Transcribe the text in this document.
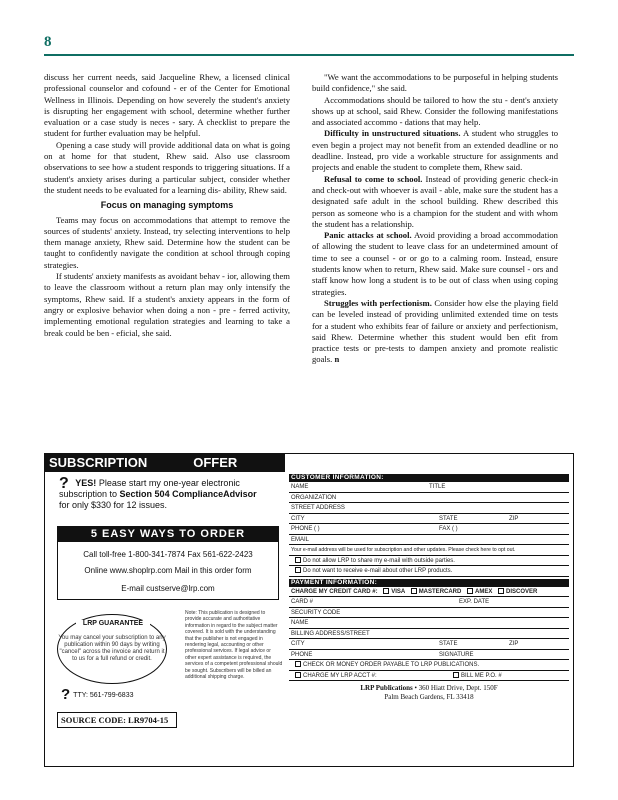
8

discuss her current needs, said Jacqueline Rhew, a licensed clinical professional counselor and cofound - er of the Center for Emotional Wellness in Illinois. Depending on how severely the student's anxiety is disrupting her engagement with school, determine whether further evaluation or a case study is neces - sary. A checklist to prepare the student for further evaluation may be helpful.

Opening a case study will provide additional data on what is going on at home for that student, Rhew said. Also use classroom observations to see how a student responds to triggering situations. If a student's anxiety arises during a particular subject, consider whether the student needs to be evaluated for a learning dis- ability, Rhew said.

Focus on managing symptoms

Teams may focus on accommodations that attempt to remove the sources of students' anxiety. Instead, try selecting interventions to help them manage anxiety, Rhew said. Determine how the student can be taught to confidently navigate the condition at school through coping strategies.

If students' anxiety manifests as avoidant behav - ior, allowing them to leave the classroom without a return plan may only intensify the symptoms, Rhew said. If a student's anxiety appears in the form of angry or explosive behavior when doing a non - pre - ferred activity, implementing emotional regulation strategies and learning to take a break could be ben - eficial, she said.

"We want the accommodations to be purposeful in helping students build confidence," she said.

Accommodations should be tailored to how the stu - dent's anxiety shows up at school, said Rhew. Consider the following manifestations and associated accommo - dations that may help.

Difficulty in unstructured situations. A student who struggles to even begin a project may not benefit from an extended deadline or no deadline. Instead, pro vide a workable structure for assignments and projects and enable the student to complete them, Rhew said.

Refusal to come to school. Instead of providing generic check-in and check-out with whoever is avail - able, make sure the student has a designated safe adult in the school building. Rhew described this person as someone who is a champion for the student and with whom the student has a relationship.

Panic attacks at school. Avoid providing a broad accommodation of allowing the student to leave class for an undetermined amount of time to see a counsel - or or go to a calming room. Instead, ensure students know when to return, Rhew said. Make sure counsel - ors and staff know how long a student is to be out of class when using coping strategies.

Struggles with perfectionism. Consider how else the playing field can be leveled instead of providing unlimited extended time on tests for a student who exhibits fear of failure or anxiety and perfectionism, said Rhew. Determine whether this student would ben efit from practice tests or pre-tests to dampen anxiety and promote realistic goals. n

SUBSCRIPTION	OFFER
? YES! Please start my one-year electronic subscription to Section 504 ComplianceAdvisor
for only $330 for 12 issues.
5 EASY WAYS TO ORDER
Call toll-free 1-800-341-7874 Fax 561-622-2423
Online www.shoplrp.com Mail in this order form
E-mail custserve@lrp.com
LRP GUARANTEE
You may cancel your subscription to any publication within 90 days by writing "cancel" across the invoice and return it to us for a full refund or credit.
? TTY: 561-799-6833
SOURCE CODE: LR9704-15
Note: This publication is designed to provide accurate and authoritative information in regard to the subject matter covered. It is sold with the understanding that the publisher is not engaged in rendering legal, accounting or other professional services. If legal advice or other expert assistance is required, the services of a competent professional should be sought. Subscribers will be billed an additional shipping charge.
CUSTOMER INFORMATION:
NAME	TITLE
ORGANIZATION
STREET ADDRESS
CITY	STATE	ZIP
PHONE ( )	FAX ( )
EMAIL
Your e-mail address will be used for subscription and other updates. Please check here to opt out.
Do not allow LRP to share my e-mail with outside parties.
Do not want to receive e-mail about other LRP products.
PAYMENT INFORMATION:
CHARGE MY CREDIT CARD #: VISA MASTERCARD AMEX DISCOVER
CARD #	EXP. DATE
SECURITY CODE
NAME
BILLING ADDRESS/STREET
CITY	STATE	ZIP
PHONE	SIGNATURE
CHECK OR MONEY ORDER PAYABLE TO LRP PUBLICATIONS.
CHARGE MY LRP ACCT #:	BILL ME P.O. #
LRP Publications • 360 Hiatt Drive, Dept. 150F
Palm Beach Gardens, FL 33418
